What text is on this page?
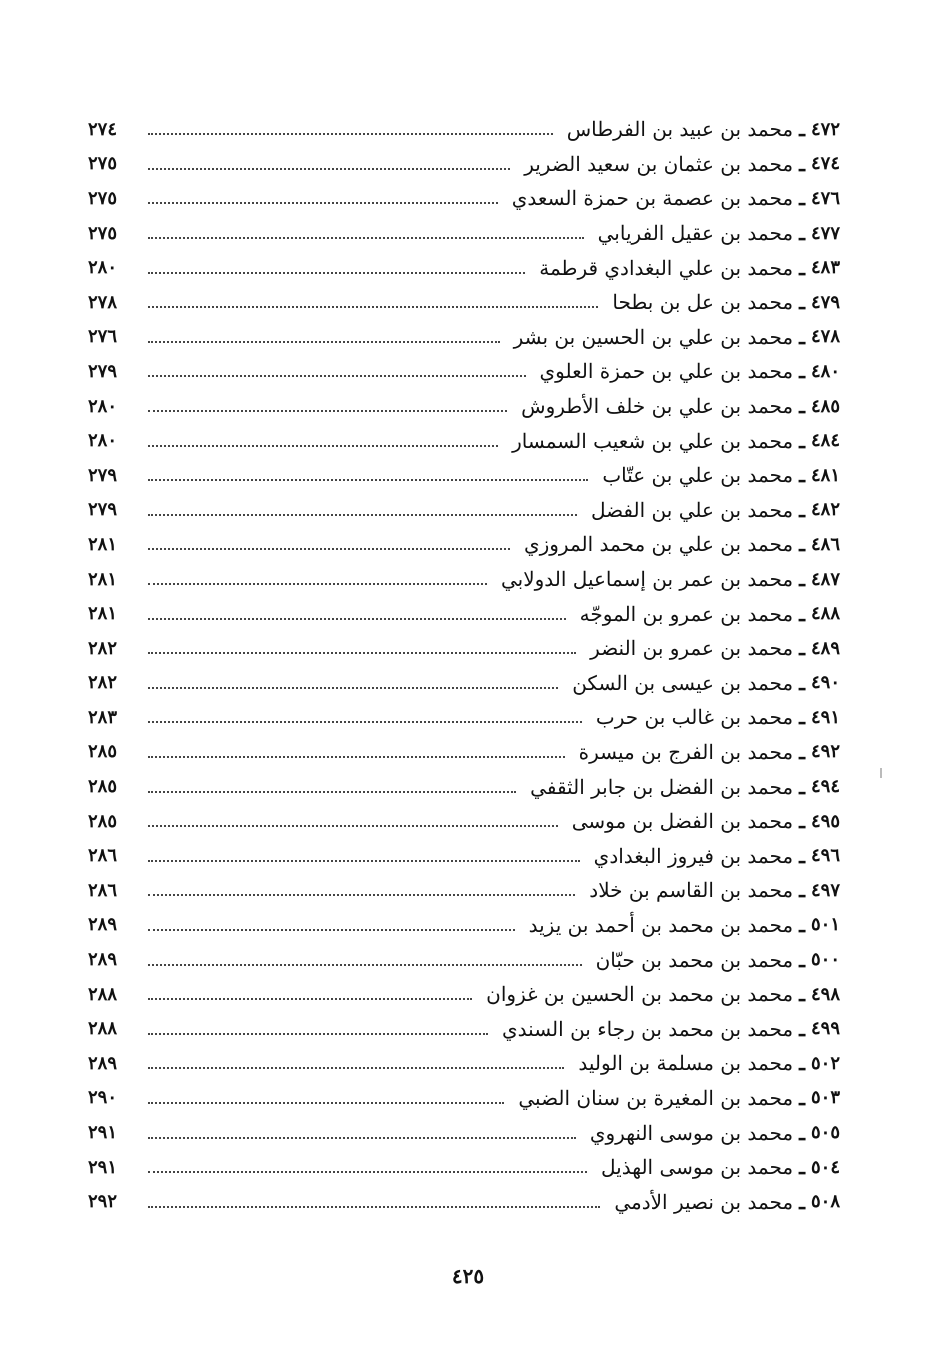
٤٧٢
ـ
محمد بن عبيد بن الفرطاس
٢٧٤
٤٧٤
ـ
محمد بن عثمان بن سعيد الضرير
٢٧٥
٤٧٦
ـ
محمد بن عصمة بن حمزة السعدي
٢٧٥
٤٧٧
ـ
محمد بن عقيل الفريابي
٢٧٥
٤٨٣
ـ
محمد بن علي البغدادي قرطمة
٢٨٠
٤٧٩
ـ
محمد بن عل بن بطحا
٢٧٨
٤٧٨
ـ
محمد بن علي بن الحسين بن بشر
٢٧٦
٤٨٠
ـ
محمد بن علي بن حمزة العلوي
٢٧٩
٤٨٥
ـ
محمد بن علي بن خلف الأطروش
٢٨٠
٤٨٤
ـ
محمد بن علي بن شعيب السمسار
٢٨٠
٤٨١
ـ
محمد بن علي بن عتّاب
٢٧٩
٤٨٢
ـ
محمد بن علي بن الفضل
٢٧٩
٤٨٦
ـ
محمد بن علي بن محمد المروزي
٢٨١
٤٨٧
ـ
محمد بن عمر بن إسماعيل الدولابي
٢٨١
٤٨٨
ـ
محمد بن عمرو بن الموجّه
٢٨١
٤٨٩
ـ
محمد بن عمرو بن النضر
٢٨٢
٤٩٠
ـ
محمد بن عيسى بن السكن
٢٨٢
٤٩١
ـ
محمد بن غالب بن حرب
٢٨٣
٤٩٢
ـ
محمد بن الفرج بن ميسرة
٢٨٥
٤٩٤
ـ
محمد بن الفضل بن جابر الثقفي
٢٨٥
٤٩٥
ـ
محمد بن الفضل بن موسى
٢٨٥
٤٩٦
ـ
محمد بن فيروز البغدادي
٢٨٦
٤٩٧
ـ
محمد بن القاسم بن خلاد
٢٨٦
٥٠١
ـ
محمد بن محمد بن أحمد بن يزيد
٢٨٩
٥٠٠
ـ
محمد بن محمد بن حبّان
٢٨٩
٤٩٨
ـ
محمد بن محمد بن الحسين بن غزوان
٢٨٨
٤٩٩
ـ
محمد بن محمد بن رجاء بن السندي
٢٨٨
٥٠٢
ـ
محمد بن مسلمة بن الوليد
٢٨٩
٥٠٣
ـ
محمد بن المغيرة بن سنان الضبي
٢٩٠
٥٠٥
ـ
محمد بن موسى النهروي
٢٩١
٥٠٤
ـ
محمد بن موسى الهذيل
٢٩١
٥٠٨
ـ
محمد بن نصير الأدمي
٢٩٢
٤٢٥
